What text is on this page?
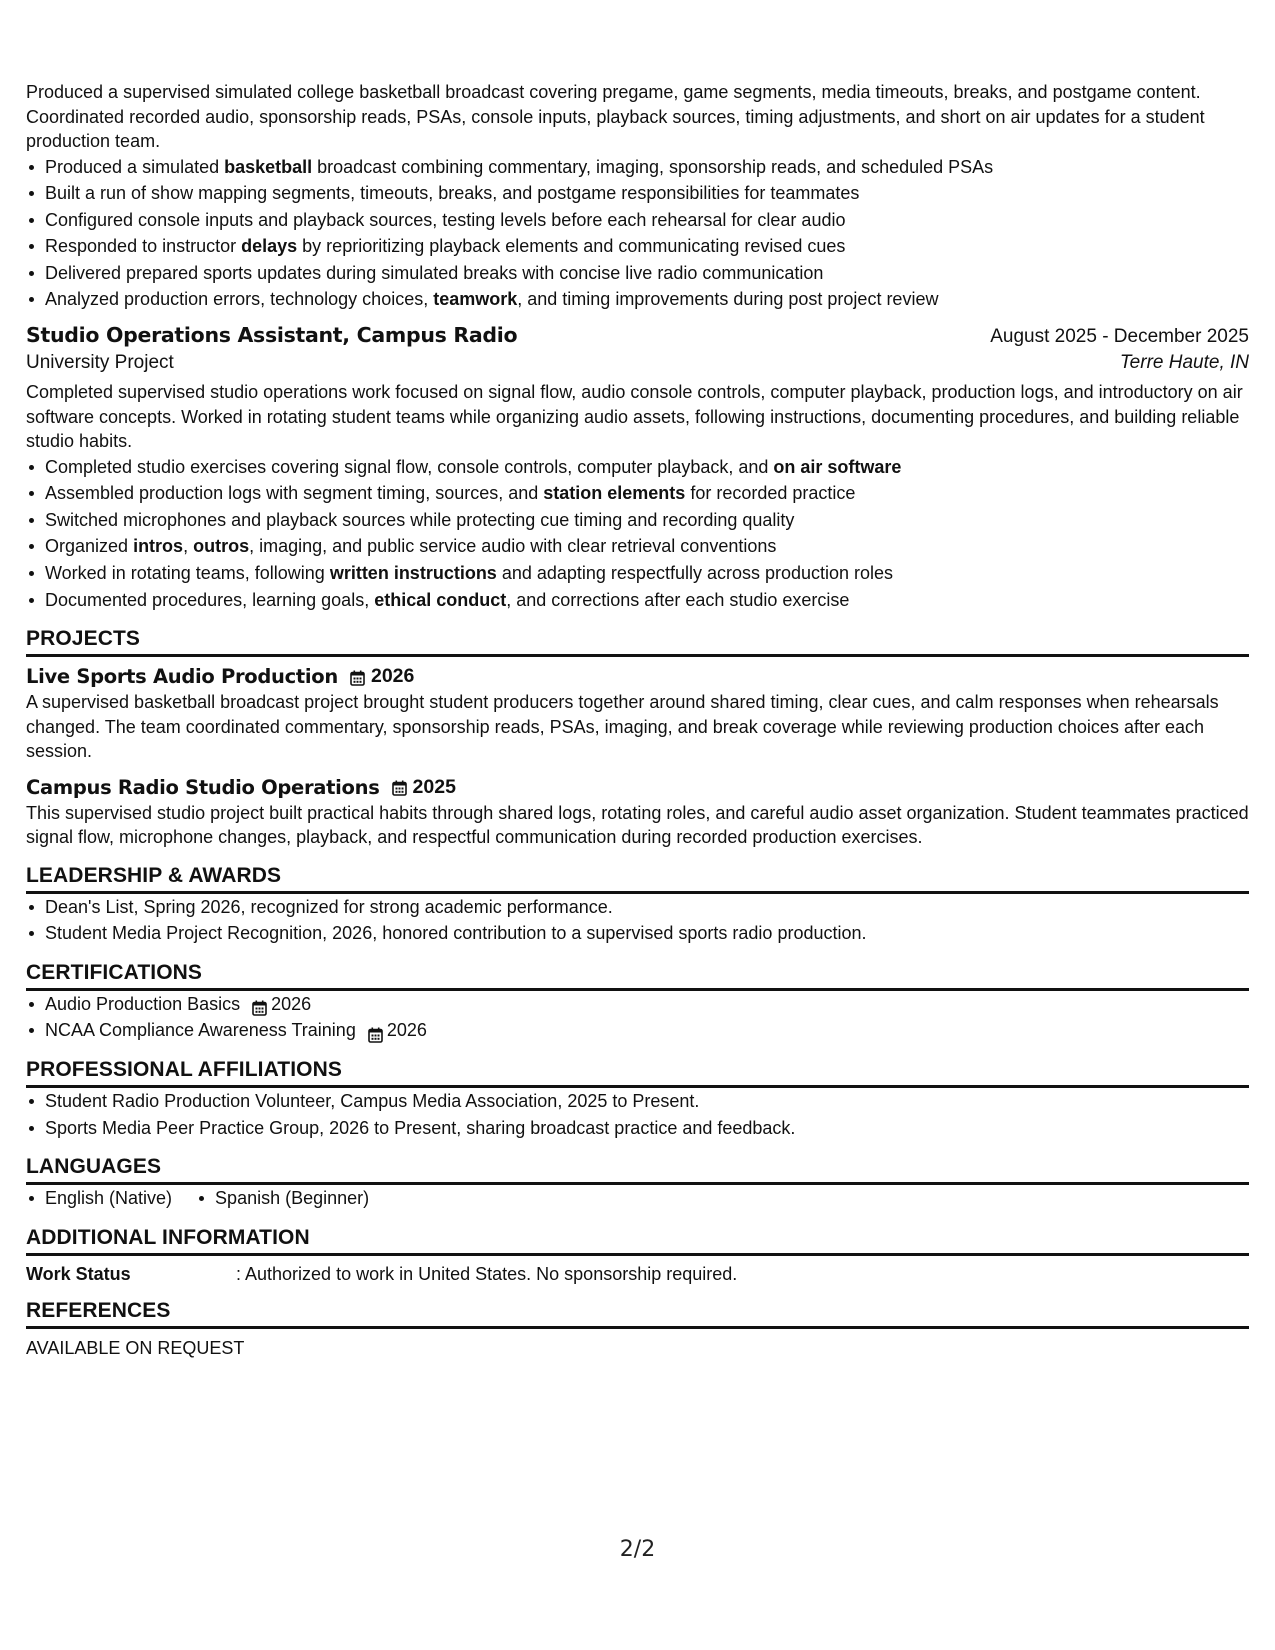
Produced a supervised simulated college basketball broadcast covering pregame, game segments, media timeouts, breaks, and postgame content. Coordinated recorded audio, sponsorship reads, PSAs, console inputs, playback sources, timing adjustments, and short on air updates for a student production team.

Produced a simulated basketball broadcast combining commentary, imaging, sponsorship reads, and scheduled PSAs
Built a run of show mapping segments, timeouts, breaks, and postgame responsibilities for teammates
Configured console inputs and playback sources, testing levels before each rehearsal for clear audio
Responded to instructor delays by reprioritizing playback elements and communicating revised cues
Delivered prepared sports updates during simulated breaks with concise live radio communication
Analyzed production errors, technology choices, teamwork, and timing improvements during post project review
Studio Operations Assistant, Campus Radio	August 2025 - December 2025
University Project	Terre Haute, IN

Completed supervised studio operations work focused on signal flow, audio console controls, computer playback, production logs, and introductory on air software concepts. Worked in rotating student teams while organizing audio assets, following instructions, documenting procedures, and building reliable studio habits.

Completed studio exercises covering signal flow, console controls, computer playback, and on air software
Assembled production logs with segment timing, sources, and station elements for recorded practice
Switched microphones and playback sources while protecting cue timing and recording quality
Organized intros, outros, imaging, and public service audio with clear retrieval conventions
Worked in rotating teams, following written instructions and adapting respectfully across production roles
Documented procedures, learning goals, ethical conduct, and corrections after each studio exercise
PROJECTS
Live Sports Audio Production 2026

A supervised basketball broadcast project brought student producers together around shared timing, clear cues, and calm responses when rehearsals changed. The team coordinated commentary, sponsorship reads, PSAs, imaging, and break coverage while reviewing production choices after each session.

Campus Radio Studio Operations 2025

This supervised studio project built practical habits through shared logs, rotating roles, and careful audio asset organization. Student teammates practiced signal flow, microphone changes, playback, and respectful communication during recorded production exercises.

LEADERSHIP & AWARDS
Dean's List, Spring 2026, recognized for strong academic performance.
Student Media Project Recognition, 2026, honored contribution to a supervised sports radio production.
CERTIFICATIONS
Audio Production Basics 2026
NCAA Compliance Awareness Training 2026
PROFESSIONAL AFFILIATIONS
Student Radio Production Volunteer, Campus Media Association, 2025 to Present.
Sports Media Peer Practice Group, 2026 to Present, sharing broadcast practice and feedback.
LANGUAGES
English (Native)	Spanish (Beginner)
ADDITIONAL INFORMATION
Work Status	: Authorized to work in United States. No sponsorship required.
REFERENCES
AVAILABLE ON REQUEST
2/2
